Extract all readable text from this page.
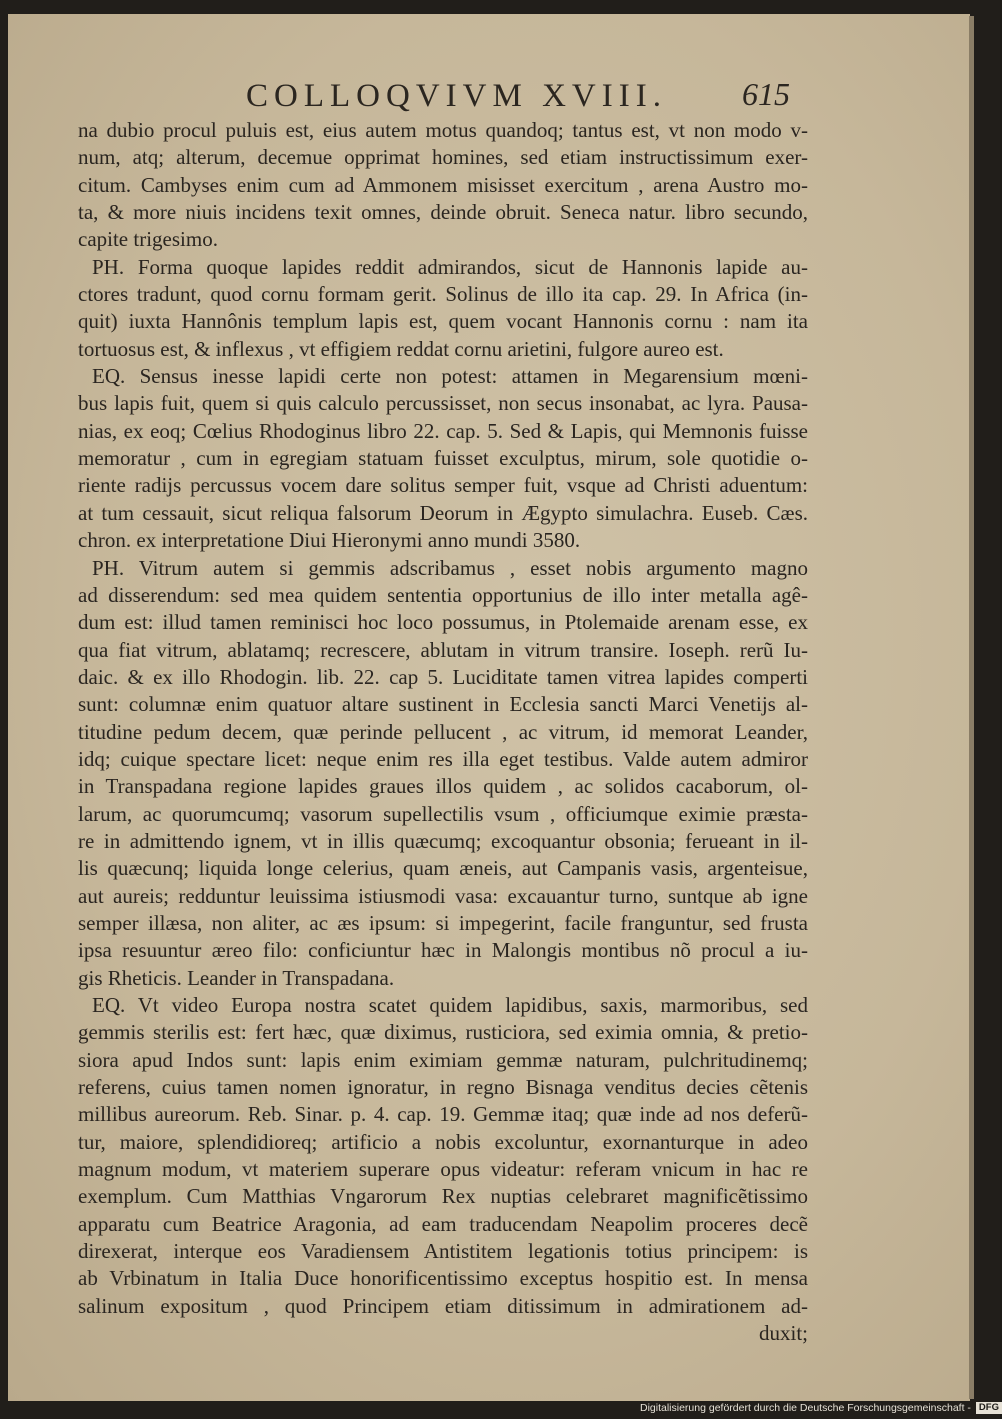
COLLOQVIVM XVIII. 615
na dubio procul puluis est, eius autem motus quandoq; tantus est, vt non modo v-
num, atq; alterum, decemue opprimat homines, sed etiam instructissimum exer-
citum. Cambyses enim cum ad Ammonem misisset exercitum , arena Austro mo-
ta, & more niuis incidens texit omnes, deinde obruit. Seneca natur. libro secundo,
capite trigesimo.
PH. Forma quoque lapides reddit admirandos, sicut de Hannonis lapide au-
ctores tradunt, quod cornu formam gerit. Solinus de illo ita cap. 29. In Africa (in-
quit) iuxta Hannônis templum lapis est, quem vocant Hannonis cornu : nam ita
tortuosus est, & inflexus , vt effigiem reddat cornu arietini, fulgore aureo est.
EQ. Sensus inesse lapidi certe non potest: attamen in Megarensium mœni-
bus lapis fuit, quem si quis calculo percussisset, non secus insonabat, ac lyra. Pausa-
nias, ex eoq; Cœlius Rhodoginus libro 22. cap. 5. Sed & Lapis, qui Memnonis fuisse
memoratur , cum in egregiam statuam fuisset exculptus, mirum, sole quotidie o-
riente radijs percussus vocem dare solitus semper fuit, vsque ad Christi aduentum:
at tum cessauit, sicut reliqua falsorum Deorum in Ægypto simulachra. Euseb. Cæs.
chron. ex interpretatione Diui Hieronymi anno mundi 3580.
PH. Vitrum autem si gemmis adscribamus , esset nobis argumento magno
ad disserendum: sed mea quidem sententia opportunius de illo inter metalla agê-
dum est: illud tamen reminisci hoc loco possumus, in Ptolemaide arenam esse, ex
qua fiat vitrum, ablatamq; recrescere, ablutam in vitrum transire. Ioseph. rerũ Iu-
daic. & ex illo Rhodogin. lib. 22. cap 5. Luciditate tamen vitrea lapides comperti
sunt: columnæ enim quatuor altare sustinent in Ecclesia sancti Marci Venetijs al-
titudine pedum decem, quæ perinde pellucent , ac vitrum, id memorat Leander,
idq; cuique spectare licet: neque enim res illa eget testibus. Valde autem admiror
in Transpadana regione lapides graues illos quidem , ac solidos cacaborum, ol-
larum, ac quorumcumq; vasorum supellectilis vsum , officiumque eximie præsta-
re in admittendo ignem, vt in illis quæcumq; excoquantur obsonia; ferueant in il-
lis quæcunq; liquida longe celerius, quam æneis, aut Campanis vasis, argenteisue,
aut aureis; redduntur leuissima istiusmodi vasa: excauantur turno, suntque ab igne
semper illæsa, non aliter, ac æs ipsum: si impegerint, facile franguntur, sed frusta
ipsa resuuntur æreo filo: conficiuntur hæc in Malongis montibus nõ procul a iu-
gis Rheticis. Leander in Transpadana.
EQ. Vt video Europa nostra scatet quidem lapidibus, saxis, marmoribus, sed
gemmis sterilis est: fert hæc, quæ diximus, rusticiora, sed eximia omnia, & pretio-
siora apud Indos sunt: lapis enim eximiam gemmæ naturam, pulchritudinemq;
referens, cuius tamen nomen ignoratur, in regno Bisnaga venditus decies cẽtenis
millibus aureorum. Reb. Sinar. p. 4. cap. 19. Gemmæ itaq; quæ inde ad nos deferũ-
tur, maiore, splendidioreq; artificio a nobis excoluntur, exornanturque in adeo
magnum modum, vt materiem superare opus videatur: referam vnicum in hac re
exemplum. Cum Matthias Vngarorum Rex nuptias celebraret magnificẽtissimo
apparatu cum Beatrice Aragonia, ad eam traducendam Neapolim proceres decẽ
direxerat, interque eos Varadiensem Antistitem legationis totius principem: is
ab Vrbinatum in Italia Duce honorificentissimo exceptus hospitio est. In mensa
salinum expositum , quod Principem etiam ditissimum in admirationem ad-
duxit;
Digitalisierung gefördert durch die Deutsche Forschungsgemeinschaft - DFG
